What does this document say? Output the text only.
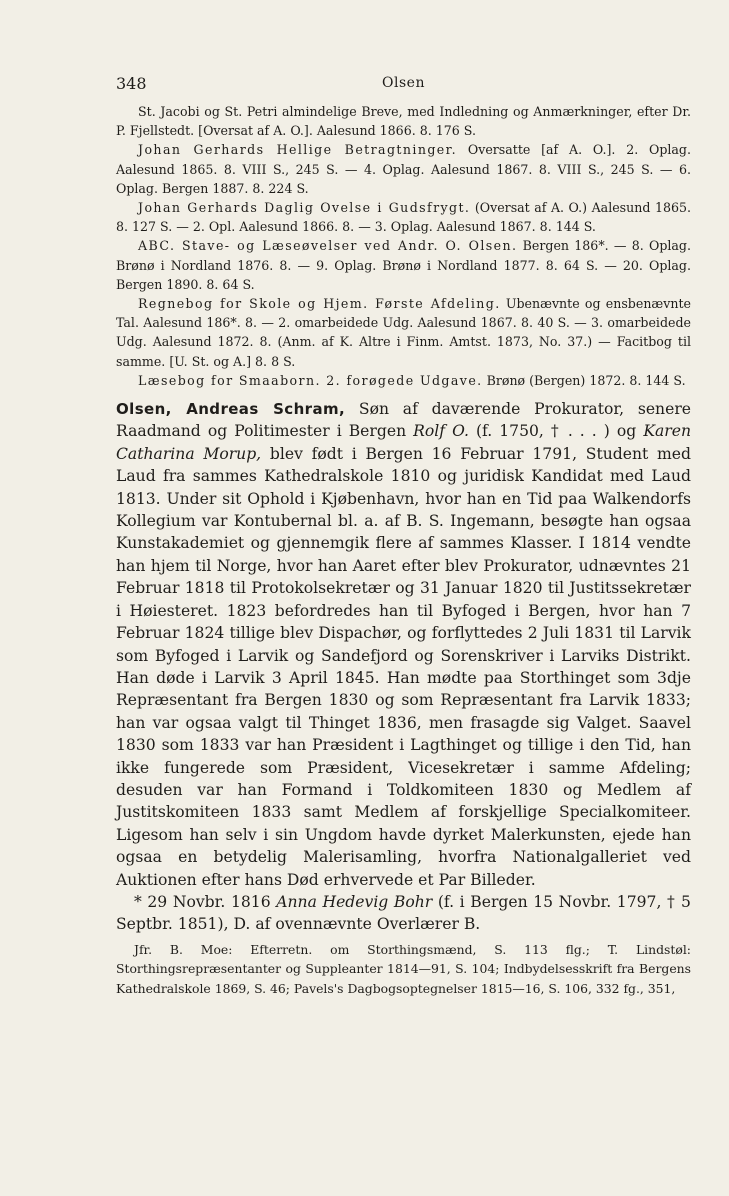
348	Olsen

St. Jacobi og St. Petri almindelige Breve, med Indledning og Anmærkninger, efter Dr. P. Fjellstedt. [Oversat af A. O.]. Aalesund 1866. 8. 176 S.

Johan Gerhards Hellige Betragtninger. Oversatte [af A. O.]. 2. Oplag. Aalesund 1865. 8. VIII S., 245 S. — 4. Oplag. Aalesund 1867. 8. VIII S., 245 S. — 6. Oplag. Bergen 1887. 8. 224 S.

Johan Gerhards Daglig Ovelse i Gudsfrygt. (Oversat af A. O.) Aalesund 1865. 8. 127 S. — 2. Opl. Aalesund 1866. 8. — 3. Oplag. Aalesund 1867. 8. 144 S.

ABC. Stave- og Læseøvelser ved Andr. O. Olsen. Bergen 186*. — 8. Oplag. Brønø i Nordland 1876. 8. — 9. Oplag. Brønø i Nordland 1877. 8. 64 S. — 20. Oplag. Bergen 1890. 8. 64 S.

Regnebog for Skole og Hjem. Første Afdeling. Ubenævnte og ensbenævnte Tal. Aalesund 186*. 8. — 2. omarbeidede Udg. Aalesund 1867. 8. 40 S. — 3. omarbeidede Udg. Aalesund 1872. 8. (Anm. af K. Altre i Finm. Amtst. 1873, No. 37.) — Facitbog til samme. [U. St. og A.] 8. 8 S.

Læsebog for Smaaborn. 2. forøgede Udgave. Brønø (Bergen) 1872. 8. 144 S.

Olsen, Andreas Schram, Søn af daværende Prokurator, senere Raadmand og Politimester i Bergen Rolf O. (f. 1750, † . . . ) og Karen Catharina Morup, blev født i Bergen 16 Februar 1791, Student med Laud fra sammes Kathedralskole 1810 og juridisk Kandidat med Laud 1813. Under sit Ophold i Kjøbenhavn, hvor han en Tid paa Walkendorfs Kollegium var Kontubernal bl. a. af B. S. Ingemann, besøgte han ogsaa Kunstakademiet og gjennemgik flere af sammes Klasser. I 1814 vendte han hjem til Norge, hvor han Aaret efter blev Prokurator, udnævntes 21 Februar 1818 til Protokolsekretær og 31 Januar 1820 til Justitssekretær i Høiesteret. 1823 befordredes han til Byfoged i Bergen, hvor han 7 Februar 1824 tillige blev Dispachør, og forflyttedes 2 Juli 1831 til Larvik som Byfoged i Larvik og Sandefjord og Sorenskriver i Larviks Distrikt. Han døde i Larvik 3 April 1845. Han mødte paa Storthinget som 3dje Repræsentant fra Bergen 1830 og som Repræsentant fra Larvik 1833; han var ogsaa valgt til Thinget 1836, men frasagde sig Valget. Saavel 1830 som 1833 var han Præsident i Lagthinget og tillige i den Tid, han ikke fungerede som Præsident, Vicesekretær i samme Afdeling; desuden var han Formand i Toldkomiteen 1830 og Medlem af Justitskomiteen 1833 samt Medlem af forskjellige Specialkomiteer. Ligesom han selv i sin Ungdom havde dyrket Malerkunsten, ejede han ogsaa en betydelig Malerisamling, hvorfra Nationalgalleriet ved Auktionen efter hans Død erhvervede et Par Billeder.

* 29 Novbr. 1816 Anna Hedevig Bohr (f. i Bergen 15 Novbr. 1797, † 5 Septbr. 1851), D. af ovennævnte Overlærer B.

Jfr. B. Moe: Efterretn. om Storthingsmænd, S. 113 flg.; T. Lindstøl: Storthingsrepræsentanter og Suppleanter 1814—91, S. 104; Indbydelsesskrift fra Bergens Kathedralskole 1869, S. 46; Pavels's Dagbogsoptegnelser 1815—16, S. 106, 332 fg., 351,
